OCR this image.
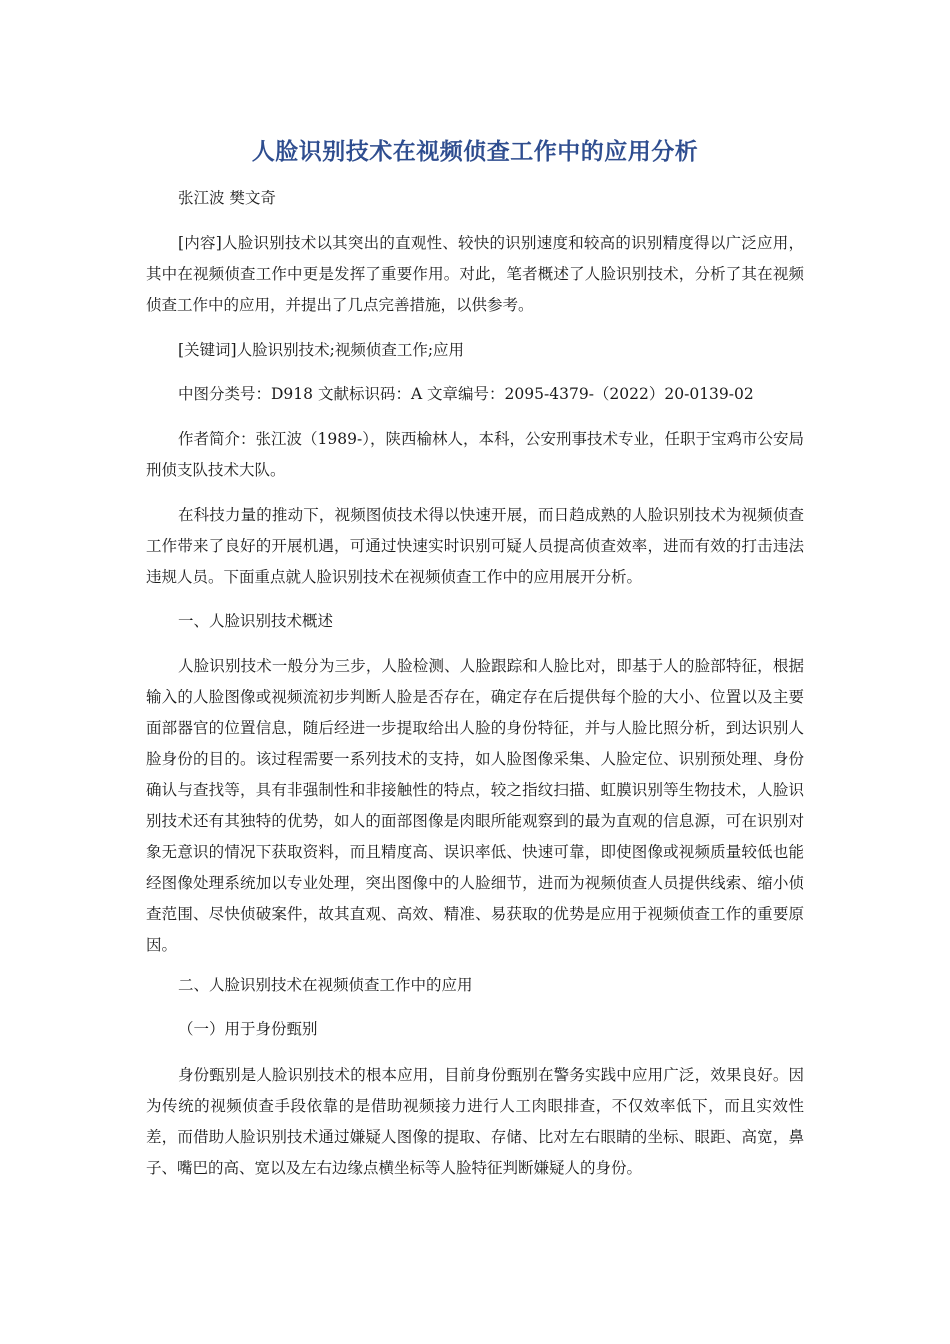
人脸识别技术在视频侦查工作中的应用分析

张江波 樊文奇

[内容]人脸识别技术以其突出的直观性、较快的识别速度和较高的识别精度得以广泛应用，其中在视频侦查工作中更是发挥了重要作用。对此，笔者概述了人脸识别技术，分析了其在视频侦查工作中的应用，并提出了几点完善措施，以供参考。

[关键词]人脸识别技术;视频侦查工作;应用

中图分类号：D918 文献标识码：A 文章编号：2095-4379-（2022）20-0139-02

作者简介：张江波（1989-），陕西榆林人，本科，公安刑事技术专业，任职于宝鸡市公安局刑侦支队技术大队。

在科技力量的推动下，视频图侦技术得以快速开展，而日趋成熟的人脸识别技术为视频侦查工作带来了良好的开展机遇，可通过快速实时识别可疑人员提高侦查效率，进而有效的打击违法违规人员。下面重点就人脸识别技术在视频侦查工作中的应用展开分析。

一、人脸识别技术概述

人脸识别技术一般分为三步，人脸检测、人脸跟踪和人脸比对，即基于人的脸部特征，根据输入的人脸图像或视频流初步判断人脸是否存在，确定存在后提供每个脸的大小、位置以及主要面部器官的位置信息，随后经进一步提取给出人脸的身份特征，并与人脸比照分析，到达识别人脸身份的目的。该过程需要一系列技术的支持，如人脸图像采集、人脸定位、识别预处理、身份确认与查找等，具有非强制性和非接触性的特点，较之指纹扫描、虹膜识别等生物技术，人脸识别技术还有其独特的优势，如人的面部图像是肉眼所能观察到的最为直观的信息源，可在识别对象无意识的情况下获取资料，而且精度高、误识率低、快速可靠，即使图像或视频质量较低也能经图像处理系统加以专业处理，突出图像中的人脸细节，进而为视频侦查人员提供线索、缩小侦查范围、尽快侦破案件，故其直观、高效、精准、易获取的优势是应用于视频侦查工作的重要原因。

二、人脸识别技术在视频侦查工作中的应用

（一）用于身份甄别

身份甄别是人脸识别技术的根本应用，目前身份甄别在警务实践中应用广泛，效果良好。因为传统的视频侦查手段依靠的是借助视频接力进行人工肉眼排查，不仅效率低下，而且实效性差，而借助人脸识别技术通过嫌疑人图像的提取、存储、比对左右眼睛的坐标、眼距、高宽，鼻子、嘴巴的高、宽以及左右边缘点横坐标等人脸特征判断嫌疑人的身份。
